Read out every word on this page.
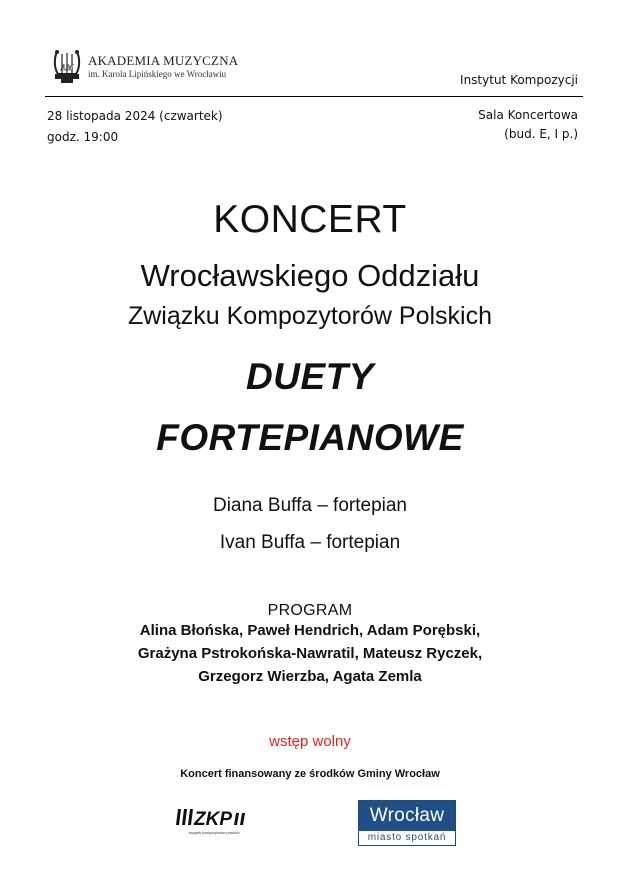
AM AKADEMIA MUZYCZNA
im. Karola Lipińskiego we Wrocławiu	Instytut Kompozycji
28 listopada 2024 (czwartek)
godz. 19:00
Sala Koncertowa
(bud. E, I p.)
KONCERT
Wrocławskiego Oddziału
Związku Kompozytorów Polskich
DUETY
FORTEPIANOWE
Diana Buffa – fortepian
Ivan Buffa – fortepian
PROGRAM
Alina Błońska, Paweł Hendrich, Adam Porębski,
Grażyna Pstrokońska-Nawratil, Mateusz Ryczek,
Grzegorz Wierzba, Agata Zemla
wstęp wolny
Koncert finansowany ze środków Gminy Wrocław
ZKP
związek kompozytorów polskich
Wrocław
miasto spotkań
